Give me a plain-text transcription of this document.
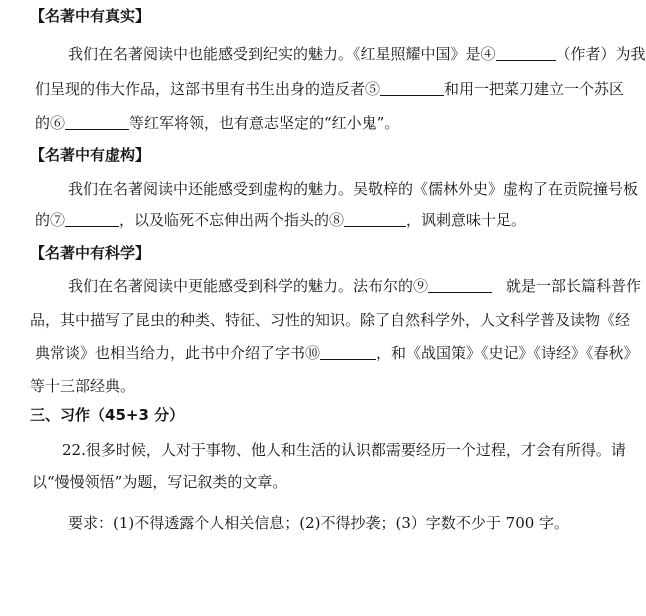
【名著中有真实】
我们在名著阅读中也能感受到纪实的魅力。《红星照耀中国》是④	（作者）为我
们呈现的伟大作品，这部书里有书生出身的造反者⑤	和用一把菜刀建立一个苏区
的⑥	等红军将领，也有意志坚定的“红小鬼”。
【名著中有虚构】
我们在名著阅读中还能感受到虚构的魅力。吴敬梓的《儒林外史》虚构了在贡院撞号板
的⑦	，以及临死不忘伸出两个指头的⑧	，讽刺意味十足。
【名著中有科学】
我们在名著阅读中更能感受到科学的魅力。法布尔的⑨	就是一部长篇科普作
品，其中描写了昆虫的种类、特征、习性的知识。除了自然科学外，人文科学普及读物《经
典常谈》也相当给力，此书中介绍了字书⑩	，和《战国策》《史记》《诗经》《春秋》
等十三部经典。
三、习作（45+3 分）
22.很多时候，人对于事物、他人和生活的认识都需要经历一个过程，才会有所得。请
以“慢慢领悟”为题，写记叙类的文章。
要求：(1)不得透露个人相关信息；(2)不得抄袭；(3）字数不少于 700 字。
